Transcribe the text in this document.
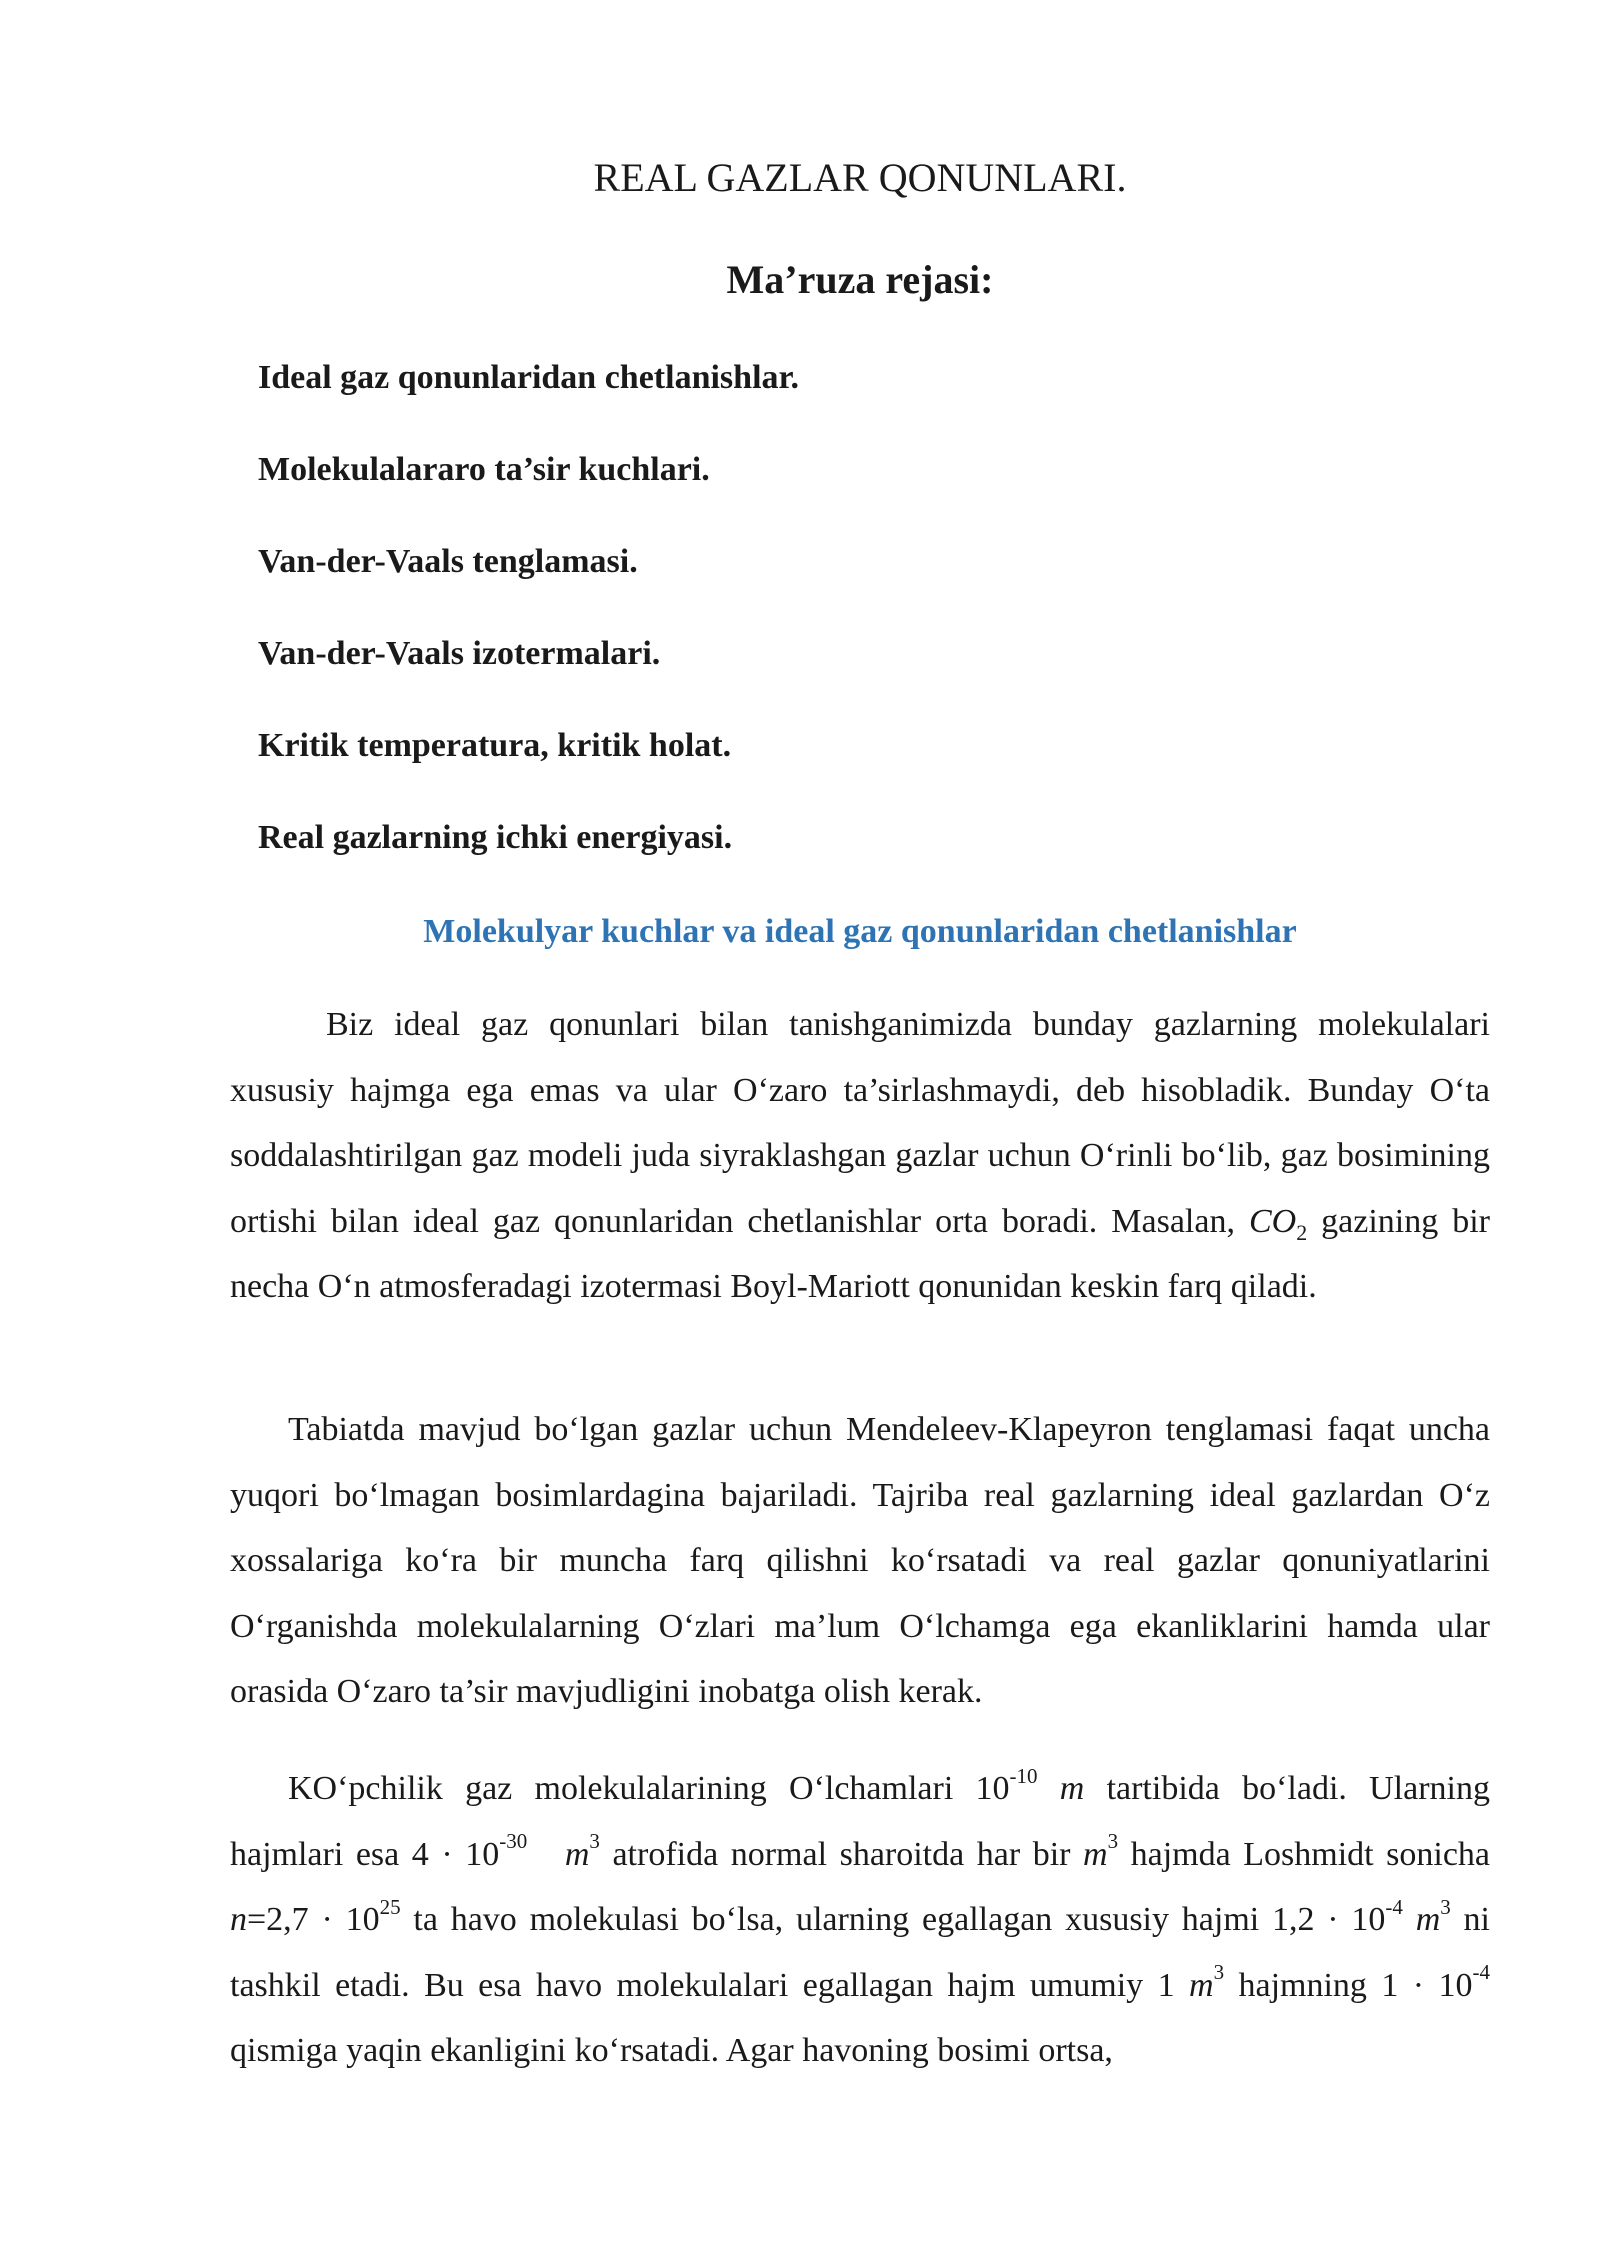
REAL GAZLAR QONUNLARI.
Ma’ruza rejasi:
Ideal gaz qonunlaridan chetlanishlar.
Molekulalararo ta’sir kuchlari.
Van-der-Vaals tenglamasi.
Van-der-Vaals izotermalari.
Kritik temperatura, kritik holat.
Real gazlarning ichki energiyasi.
Molekulyar kuchlar va ideal gaz qonunlaridan chetlanishlar

Biz ideal gaz qonunlari bilan tanishganimizda bunday gazlarning molekulalari xususiy hajmga ega emas va ular O‘zaro ta’sirlashmaydi, deb hisobladik. Bunday O‘ta soddalashtirilgan gaz modeli juda siyraklashgan gazlar uchun O‘rinli bo‘lib, gaz bosimining ortishi bilan ideal gaz qonunlaridan chetlanishlar orta boradi. Masalan, $CO_2$ gazining bir necha O‘n atmosferadagi izotermasi Boyl-Mariott qonunidan keskin farq qiladi.

Tabiatda mavjud bo‘lgan gazlar uchun Mendeleev-Klapeyron tenglamasi faqat uncha yuqori bo‘lmagan bosimlardagina bajariladi. Tajriba real gazlarning ideal gazlardan O‘z xossalariga ko‘ra bir muncha farq qilishni ko‘rsatadi va real gazlar qonuniyatlarini O‘rganishda molekulalarning O‘zlari ma’lum O‘lchamga ega ekanliklarini hamda ular orasida O‘zaro ta’sir mavjudligini inobatga olish kerak.

KO‘pchilik gaz molekulalarining O‘lchamlari $10^{-10}$ m tartibida bo‘ladi. Ularning hajmlari esa $4 \cdot 10^{-30}$ $m^3$ atrofida normal sharoitda har bir $m^3$ hajmda Loshmidt sonicha $n=2,7 \cdot 10^{25}$ ta havo molekulasi bo‘lsa, ularning egallagan xususiy hajmi $1,2 \cdot 10^{-4}$ $m^3$ ni tashkil etadi. Bu esa havo molekulalari egallagan hajm umumiy 1 $m^3$ hajmning $1 \cdot 10^{-4}$ qismiga yaqin ekanligini ko‘rsatadi. Agar havoning bosimi ortsa,
